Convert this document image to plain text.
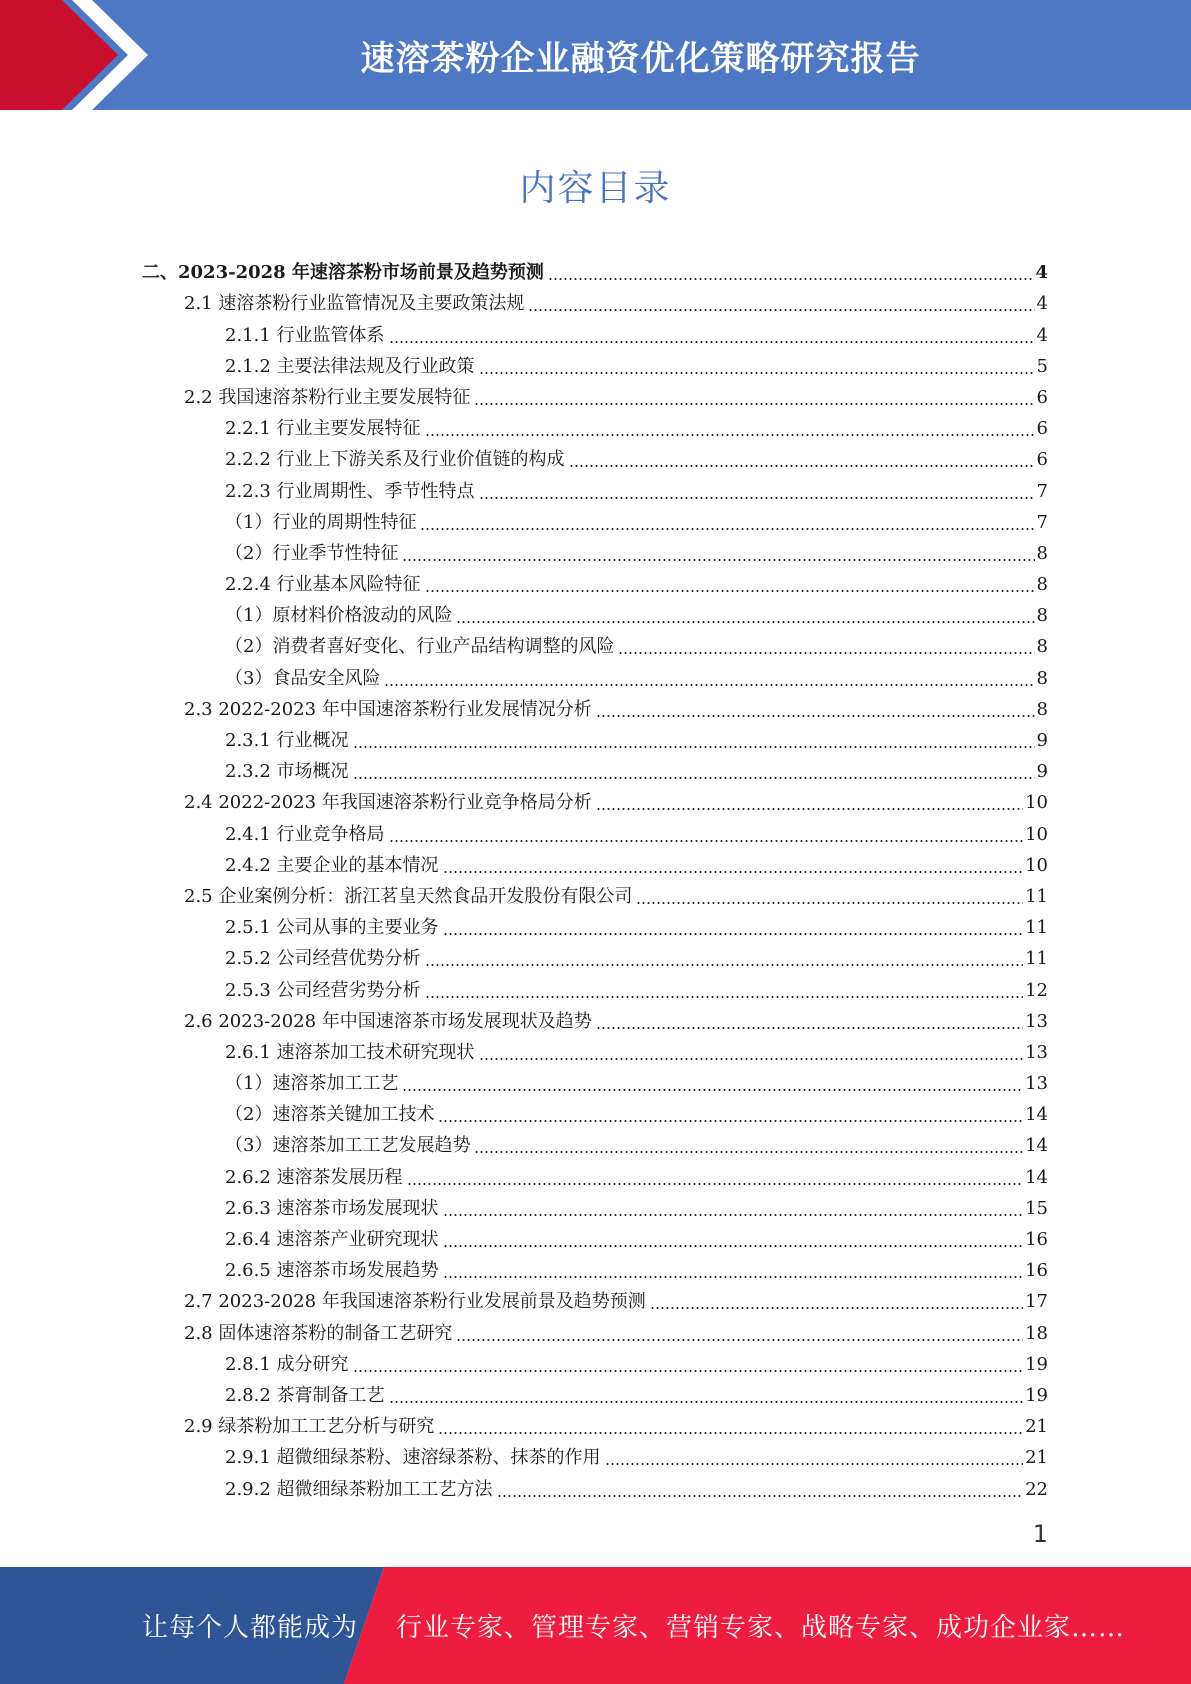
速溶茶粉企业融资优化策略研究报告
内容目录
二、2023-2028 年速溶茶粉市场前景及趋势预测	4
2.1 速溶茶粉行业监管情况及主要政策法规	4
2.1.1 行业监管体系	4
2.1.2 主要法律法规及行业政策	5
2.2 我国速溶茶粉行业主要发展特征	6
2.2.1 行业主要发展特征	6
2.2.2 行业上下游关系及行业价值链的构成	6
2.2.3 行业周期性、季节性特点	7
（1）行业的周期性特征	7
（2）行业季节性特征	8
2.2.4 行业基本风险特征	8
（1）原材料价格波动的风险	8
（2）消费者喜好变化、行业产品结构调整的风险	8
（3）食品安全风险	8
2.3 2022-2023 年中国速溶茶粉行业发展情况分析	8
2.3.1 行业概况	9
2.3.2 市场概况	9
2.4 2022-2023 年我国速溶茶粉行业竞争格局分析	10
2.4.1 行业竞争格局	10
2.4.2 主要企业的基本情况	10
2.5 企业案例分析：浙江茗皇天然食品开发股份有限公司	11
2.5.1 公司从事的主要业务	11
2.5.2 公司经营优势分析	11
2.5.3 公司经营劣势分析	12
2.6 2023-2028 年中国速溶茶市场发展现状及趋势	13
2.6.1 速溶茶加工技术研究现状	13
（1）速溶茶加工工艺	13
（2）速溶茶关键加工技术	14
（3）速溶茶加工工艺发展趋势	14
2.6.2 速溶茶发展历程	14
2.6.3 速溶茶市场发展现状	15
2.6.4 速溶茶产业研究现状	16
2.6.5 速溶茶市场发展趋势	16
2.7 2023-2028 年我国速溶茶粉行业发展前景及趋势预测	17
2.8 固体速溶茶粉的制备工艺研究	18
2.8.1 成分研究	19
2.8.2 茶膏制备工艺	19
2.9 绿茶粉加工工艺分析与研究	21
2.9.1 超微细绿茶粉、速溶绿茶粉、抹茶的作用	21
2.9.2 超微细绿茶粉加工工艺方法	22
1
让每个人都能成为 行业专家、管理专家、营销专家、战略专家、成功企业家……
